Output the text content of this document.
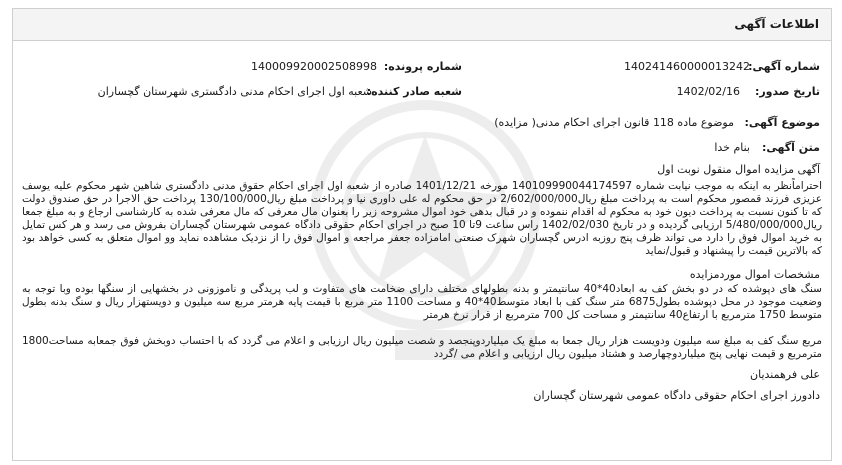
اطلاعات آگهی
شماره آگهی:
140241460000013242
شماره پرونده:
140009920002508998
تاریخ صدور:
1402/02/16
شعبه صادر کننده:
شعبه اول اجرای احکام مدنی دادگستری شهرستان گچساران
موضوع آگهی:
موضوع ماده 118 قانون اجرای احکام مدنی( مزایده)
متن آگهی:
بنام خدا
آگهی مزایده اموال منقول نوبت اول
احتراماًنظر به اینکه به موجب نیابت شماره 140109990044174597 مورخه 1401/12/21 صادره از شعبه اول اجرای احکام حقوق مدنی دادگستری شاهین شهر محکوم علیه یوسف عزیزی فرزند قمصور محکوم است به پرداخت مبلغ ریال2/602/000/000 در حق محکوم له علی داوری نیا و پرداخت مبلغ ریال130/100/000 پرداخت حق الاجرا در حق صندوق دولت که تا کنون نسبت به پرداخت دیون خود به محکوم له اقدام ننموده و در قبال بدهی خود اموال مشروحه زیر را بعنوان مال معرفی که مال معرفی شده به کارشناسی ارجاع و به مبلغ جمعا ریال5/480/000/000 ارزیابی گردیده و در تاریخ 1402/02/030 راس ساعت 9تا 10 صبح در اجرای احکام حقوقی دادگاه عمومی شهرستان گچساران بفروش می رسد و هر کس تمایل به خرید اموال فوق را دارد می تواند ظرف پنج روزبه ادرس گچساران شهرک صنعتی امامزاده جعفر مراجعه و اموال فوق را از نزدیک مشاهده نماید وو اموال متعلق به کسی خواهد بود که بالاترین قیمت را پیشنهاد و قبول/نماید
مشخصات اموال موردمزایده
سنگ های دپوشده که در دو بخش کف به ابعاد40*40 سانتیمتر و بدنه بطولهای مختلف دارای ضخامت های متفاوت و لب پریدگی و ناموزونی در بخشهایی از سنگها بوده وبا توجه به وضعیت موجود در محل دپوشده بطول6875 متر سنگ کف با ابعاد متوسط40*40 و مساحت 1100 متر مربع با قیمت پایه هرمتر مربع سه میلیون و دویستهزار ریال و سنگ بدنه بطول متوسط 1750 مترمربع با ارتفاع40 سانتیمتر و مساحت کل 700 مترمربع از قرار نرخ هرمتر
مربع سنگ کف به مبلغ سه میلیون ودویست هزار ریال جمعا به مبلغ یک میلیاردوپنجصد و شصت میلیون ریال ارزیابی و اعلام می گردد که با احتساب دوبخش فوق جمعابه مساحت1800 مترمربع و قیمت نهایی پنج میلیاردوچهارصد و هشتاد میلیون ریال ارزیابی و اعلام می /گردد
علی فرهمندیان
دادورز اجرای احکام حقوقی دادگاه عمومی شهرستان گچساران
